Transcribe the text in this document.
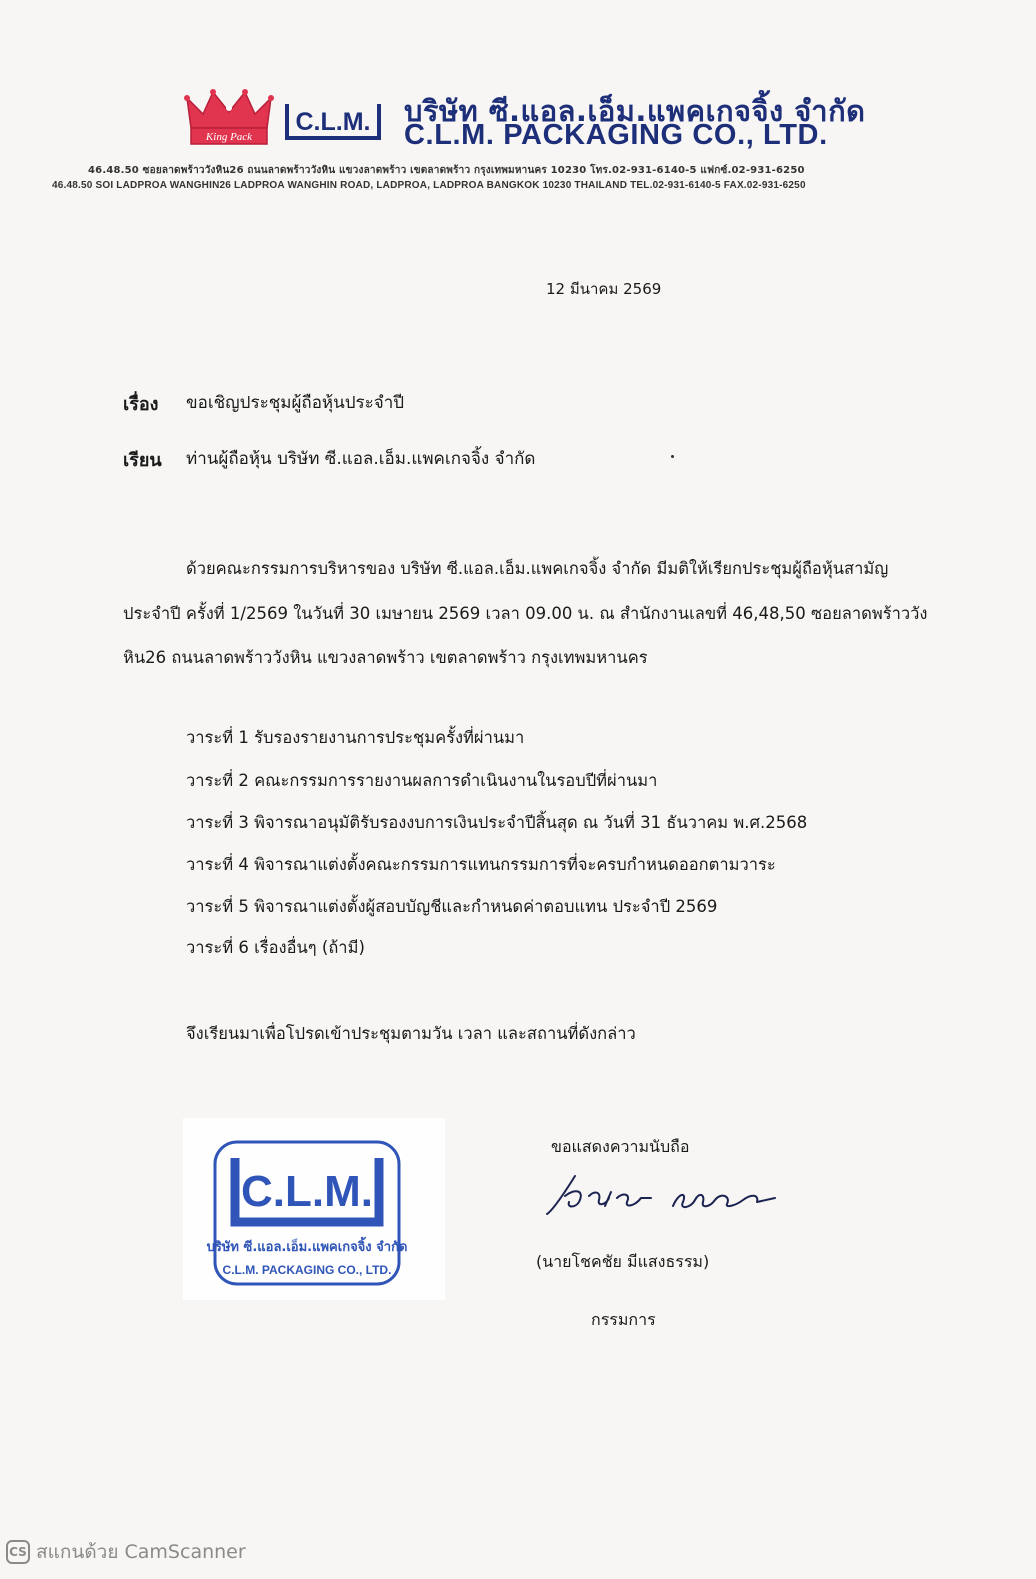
King Pack
C.L.M. บริษัท ซี.แอล.เอ็ม.แพคเกจจิ้ง จำกัด
C.L.M. PACKAGING CO., LTD.
46.48.50 ซอยลาดพร้าววังหิน26 ถนนลาดพร้าววังหิน แขวงลาดพร้าว เขตลาดพร้าว กรุงเทพมหานคร 10230 โทร.02-931-6140-5 แฟกซ์.02-931-6250
46.48.50 SOI LADPROA WANGHIN26 LADPROA WANGHIN ROAD, LADPROA, LADPROA BANGKOK 10230 THAILAND TEL.02-931-6140-5 FAX.02-931-6250
12 มีนาคม 2569
เรื่อง ขอเชิญประชุมผู้ถือหุ้นประจำปี
เรียน ท่านผู้ถือหุ้น บริษัท ซี.แอล.เอ็ม.แพคเกจจิ้ง จำกัด
ด้วยคณะกรรมการบริหารของ บริษัท ซี.แอล.เอ็ม.แพคเกจจิ้ง จำกัด มีมติให้เรียกประชุมผู้ถือหุ้นสามัญ
ประจำปี ครั้งที่ 1/2569 ในวันที่ 30 เมษายน 2569 เวลา 09.00 น. ณ สำนักงานเลขที่ 46,48,50 ซอยลาดพร้าววัง
หิน26 ถนนลาดพร้าววังหิน แขวงลาดพร้าว เขตลาดพร้าว กรุงเทพมหานคร
วาระที่ 1 รับรองรายงานการประชุมครั้งที่ผ่านมา
วาระที่ 2 คณะกรรมการรายงานผลการดำเนินงานในรอบปีที่ผ่านมา
วาระที่ 3 พิจารณาอนุมัติรับรองงบการเงินประจำปีสิ้นสุด ณ วันที่ 31 ธันวาคม พ.ศ.2568
วาระที่ 4 พิจารณาแต่งตั้งคณะกรรมการแทนกรรมการที่จะครบกำหนดออกตามวาระ
วาระที่ 5 พิจารณาแต่งตั้งผู้สอบบัญชีและกำหนดค่าตอบแทน ประจำปี 2569
วาระที่ 6 เรื่องอื่นๆ (ถ้ามี)
จึงเรียนมาเพื่อโปรดเข้าประชุมตามวัน เวลา และสถานที่ดังกล่าว
ขอแสดงความนับถือ
(นายโชคชัย มีแสงธรรม)
กรรมการ
C.L.M.
บริษัท ซี.แอล.เอ็ม.แพคเกจจิ้ง จำกัด
C.L.M. PACKAGING CO., LTD.
CS สแกนด้วย CamScanner
